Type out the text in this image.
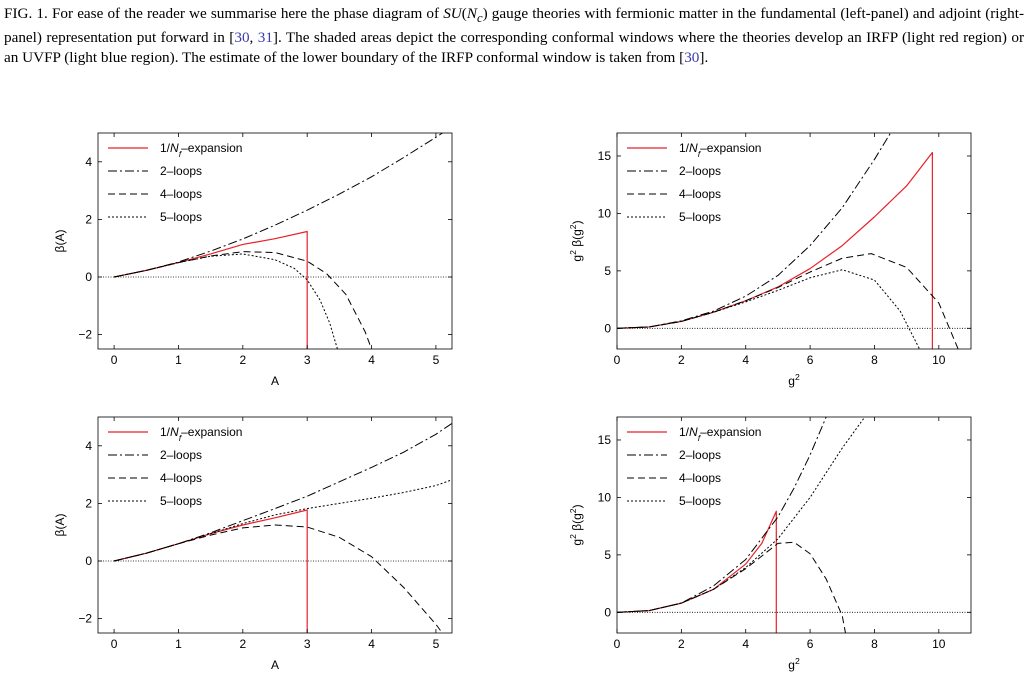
FIG. 1. For ease of the reader we summarise here the phase diagram of $SU(N_c)$ gauge theories with fermionic matter in the fundamental (left-panel) and adjoint (right-panel) representation put forward in [30, 31]. The shaded areas depict the corresponding conformal windows where the theories develop an IRFP (light red region) or an UVFP (light blue region). The estimate of the lower boundary of the IRFP conformal window is taken from [30].
0	1	2	3	4	5
−2
0
2
4
A
β(A)
$1/N_f$–expansion
2–loops
4–loops
5–loops
0	2	4	6	8	10
0
5
10
15
$g^2$
$g^2$ $\beta(g^2)$
$1/N_f$–expansion
2–loops
4–loops
5–loops
0	1	2	3	4	5
−2
0
2
4
A
β(A)
$1/N_f$–expansion
2–loops
4–loops
5–loops
0	2	4	6	8	10
0
5
10
15
$g^2$
$g^2$ $\beta(g^2)$
$1/N_f$–expansion
2–loops
4–loops
5–loops
